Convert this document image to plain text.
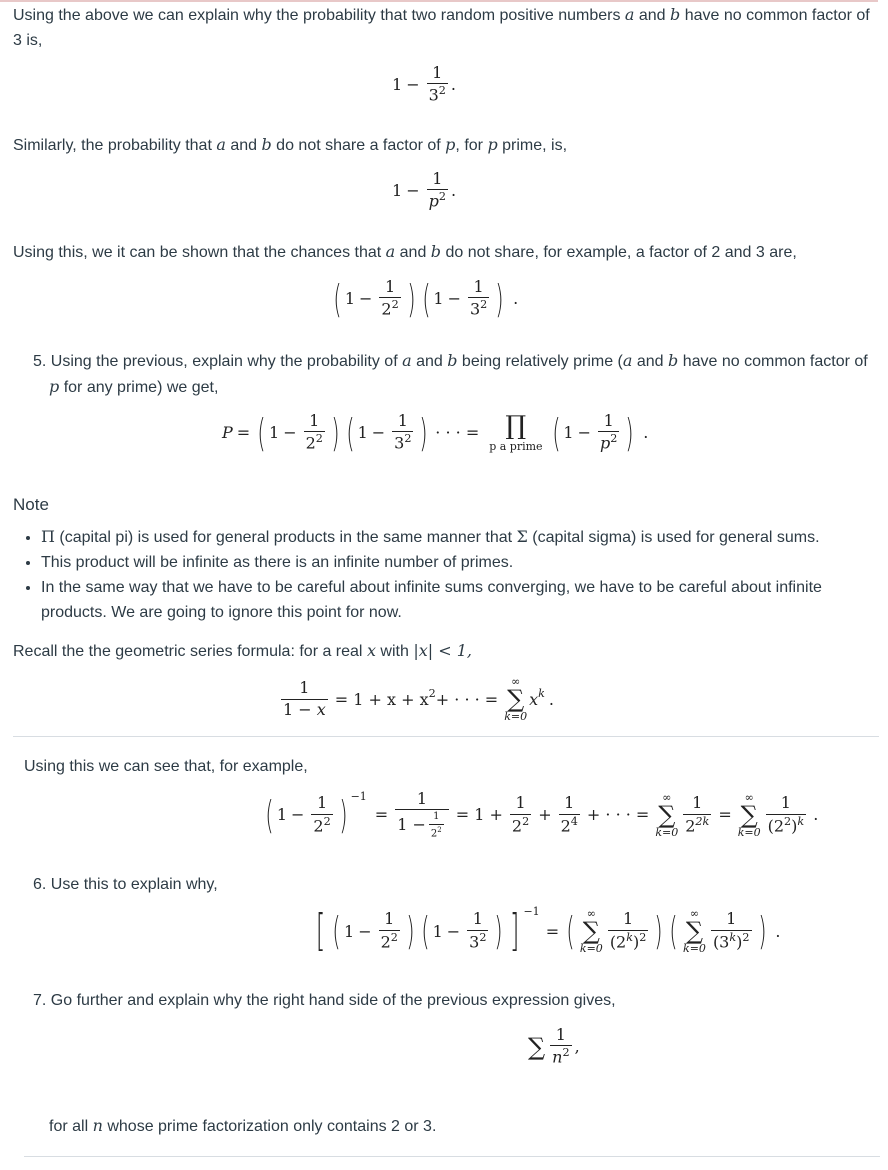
Using the above we can explain why the probability that two random positive numbers a and b have no common factor of 3 is,
$1 - \frac{1}{3^2}$ .
Similarly, the probability that a and b do not share a factor of p, for p prime, is,
$1 - \frac{1}{p^2}$ .
Using this, we it can be shown that the chances that a and b do not share, for example, a factor of 2 and 3 are,
( $1 - \frac{1}{2^2}$ ) ( $1 - \frac{1}{3^2}$ ) .
5. Using the previous, explain why the probability of a and b being relatively prime (a and b have no common factor of p for any prime) we get,
P = ( $1 - \frac{1}{2^2}$ ) ( $1 - \frac{1}{3^2}$ ) · · · = ∏
p a prime ( $1 - \frac{1}{p^2}$ ) .
Note
• Π (capital pi) is used for general products in the same manner that Σ (capital sigma) is used for general sums.
• This product will be infinite as there is an infinite number of primes.
• In the same way that we have to be careful about infinite sums converging, we have to be careful about infinite products. We are going to ignore this point for now.
Recall the the geometric series formula: for a real x with |x| < 1,
$\frac{1}{1 - x} = 1 + x + x^2$ + · · · =
∞
∑
k=0
$x^k$ .
Using this we can see that, for example,
( $1 - \frac{1}{2^2}$ ) $^{-1}$
= $\frac{1}{1 - \frac{1}{2^2}} = 1 + \frac{1}{2^2} + \frac{1}{2^4}$ + · · · =
∞
∑
$k=0 \frac{1}{2^{2k}}$ =
∞
∑
$k=0 \frac{1}{(2^2)^k}$ .
6. Use this to explain why,
[ ( $1 - \frac{1}{2^2}$ ) ( $1 - \frac{1}{3^2}$ ) ] $^{-1}$
= ( ∞
∑
$k=0 \frac{1}{(2^k)^2}$ ) ( ∞
∑
$k=0 \frac{1}{(3^k)^2}$ ) .
7. Go further and explain why the right hand side of the previous expression gives,
∑ $\frac{1}{n^2}$ ,
for all n whose prime factorization only contains 2 or 3.
